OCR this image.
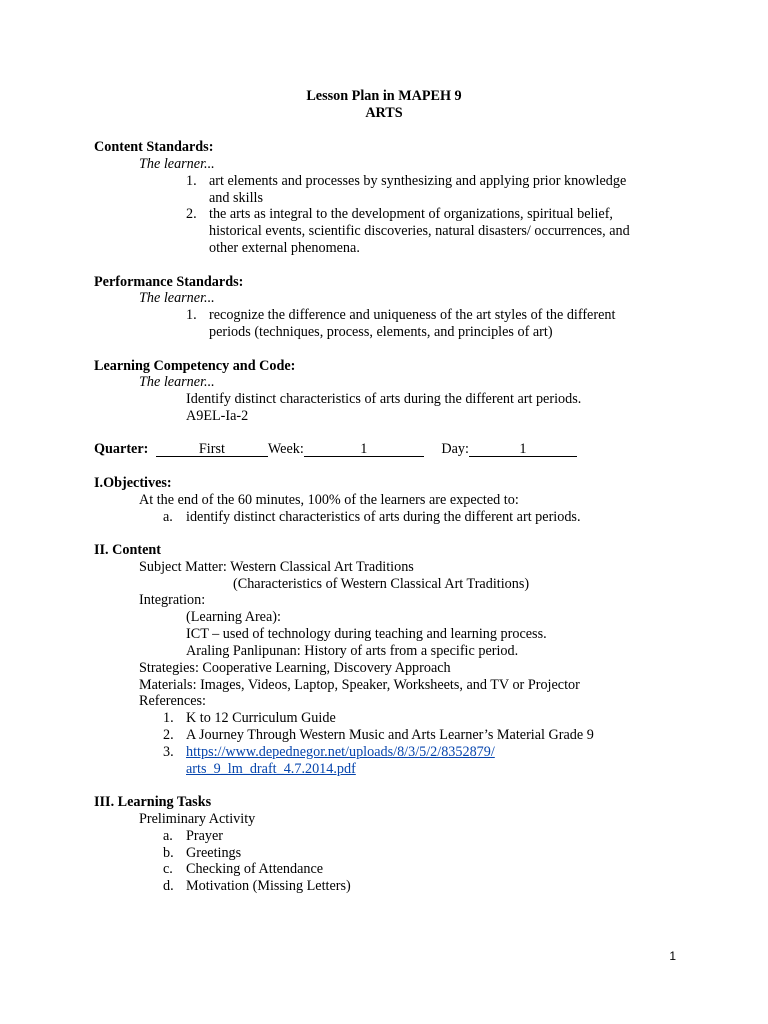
Lesson Plan in MAPEH 9
ARTS
Content Standards:
The learner...
1. art elements and processes by synthesizing and applying prior knowledge
and skills
2. the arts as integral to the development of organizations, spiritual belief,
historical events, scientific discoveries, natural disasters/ occurrences, and
other external phenomena.
Performance Standards:
The learner...
1. recognize the difference and uniqueness of the art styles of the different
periods (techniques, process, elements, and principles of art)
Learning Competency and Code:
The learner...
Identify distinct characteristics of arts during the different art periods.
A9EL-Ia-2
Quarter:	First	Week:	1	Day:	1
I.Objectives:
At the end of the 60 minutes, 100% of the learners are expected to:
a. identify distinct characteristics of arts during the different art periods.
II. Content
Subject Matter: Western Classical Art Traditions
(Characteristics of Western Classical Art Traditions)
Integration:
(Learning Area):
ICT – used of technology during teaching and learning process.
Araling Panlipunan: History of arts from a specific period.
Strategies: Cooperative Learning, Discovery Approach
Materials: Images, Videos, Laptop, Speaker, Worksheets, and TV or Projector
References:
1. K to 12 Curriculum Guide
2. A Journey Through Western Music and Arts Learner’s Material Grade 9
3. https://www.depednegor.net/uploads/8/3/5/2/8352879/
arts_9_lm_draft_4.7.2014.pdf
III. Learning Tasks
Preliminary Activity
a. Prayer
b. Greetings
c. Checking of Attendance
d. Motivation (Missing Letters)
1
